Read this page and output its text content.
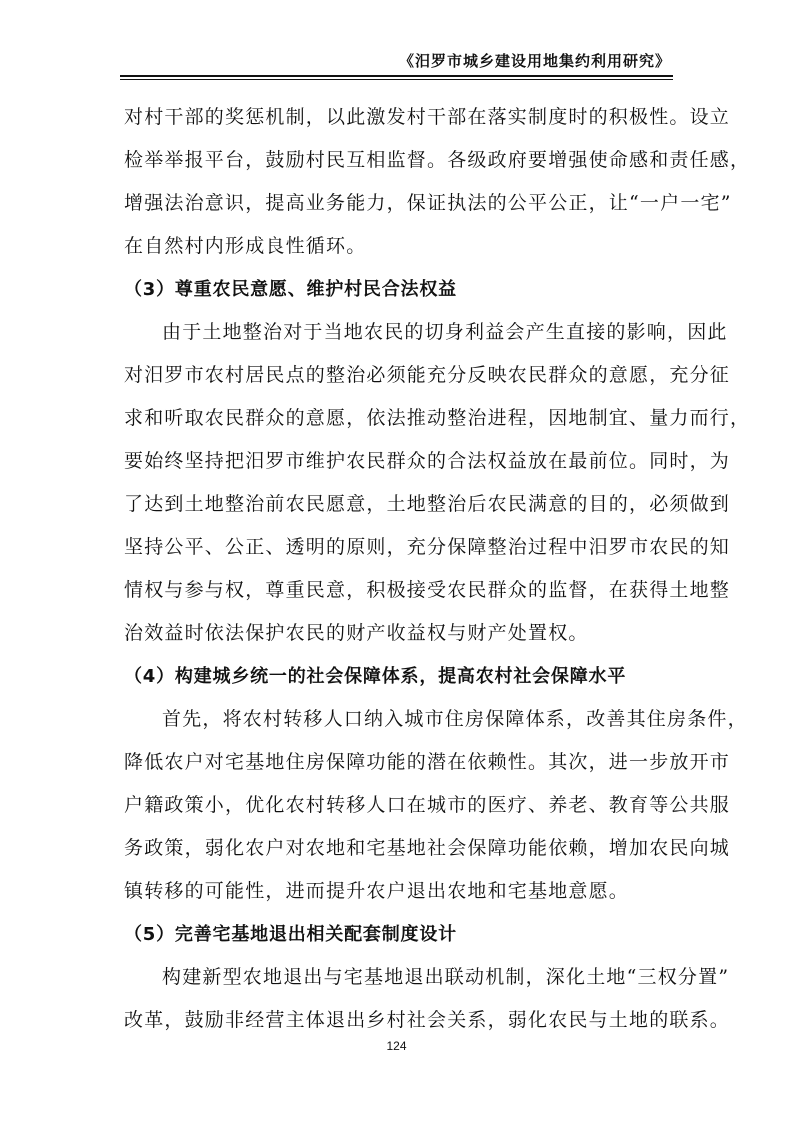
《汨罗市城乡建设用地集约利用研究》
对村干部的奖惩机制，以此激发村干部在落实制度时的积极性。设立
检举举报平台，鼓励村民互相监督。各级政府要增强使命感和责任感，
增强法治意识，提高业务能力，保证执法的公平公正，让“一户一宅”
在自然村内形成良性循环。
（3）尊重农民意愿、维护村民合法权益
由于土地整治对于当地农民的切身利益会产生直接的影响，因此
对汨罗市农村居民点的整治必须能充分反映农民群众的意愿，充分征
求和听取农民群众的意愿，依法推动整治进程，因地制宜、量力而行，
要始终坚持把汨罗市维护农民群众的合法权益放在最前位。同时，为
了达到土地整治前农民愿意，土地整治后农民满意的目的，必须做到
坚持公平、公正、透明的原则，充分保障整治过程中汨罗市农民的知
情权与参与权，尊重民意，积极接受农民群众的监督，在获得土地整
治效益时依法保护农民的财产收益权与财产处置权。
（4）构建城乡统一的社会保障体系，提高农村社会保障水平
首先，将农村转移人口纳入城市住房保障体系，改善其住房条件，
降低农户对宅基地住房保障功能的潜在依赖性。其次，进一步放开市
户籍政策小，优化农村转移人口在城市的医疗、养老、教育等公共服
务政策，弱化农户对农地和宅基地社会保障功能依赖，增加农民向城
镇转移的可能性，进而提升农户退出农地和宅基地意愿。
（5）完善宅基地退出相关配套制度设计
构建新型农地退出与宅基地退出联动机制，深化土地“三权分置”
改革，鼓励非经营主体退出乡村社会关系，弱化农民与土地的联系。
124
